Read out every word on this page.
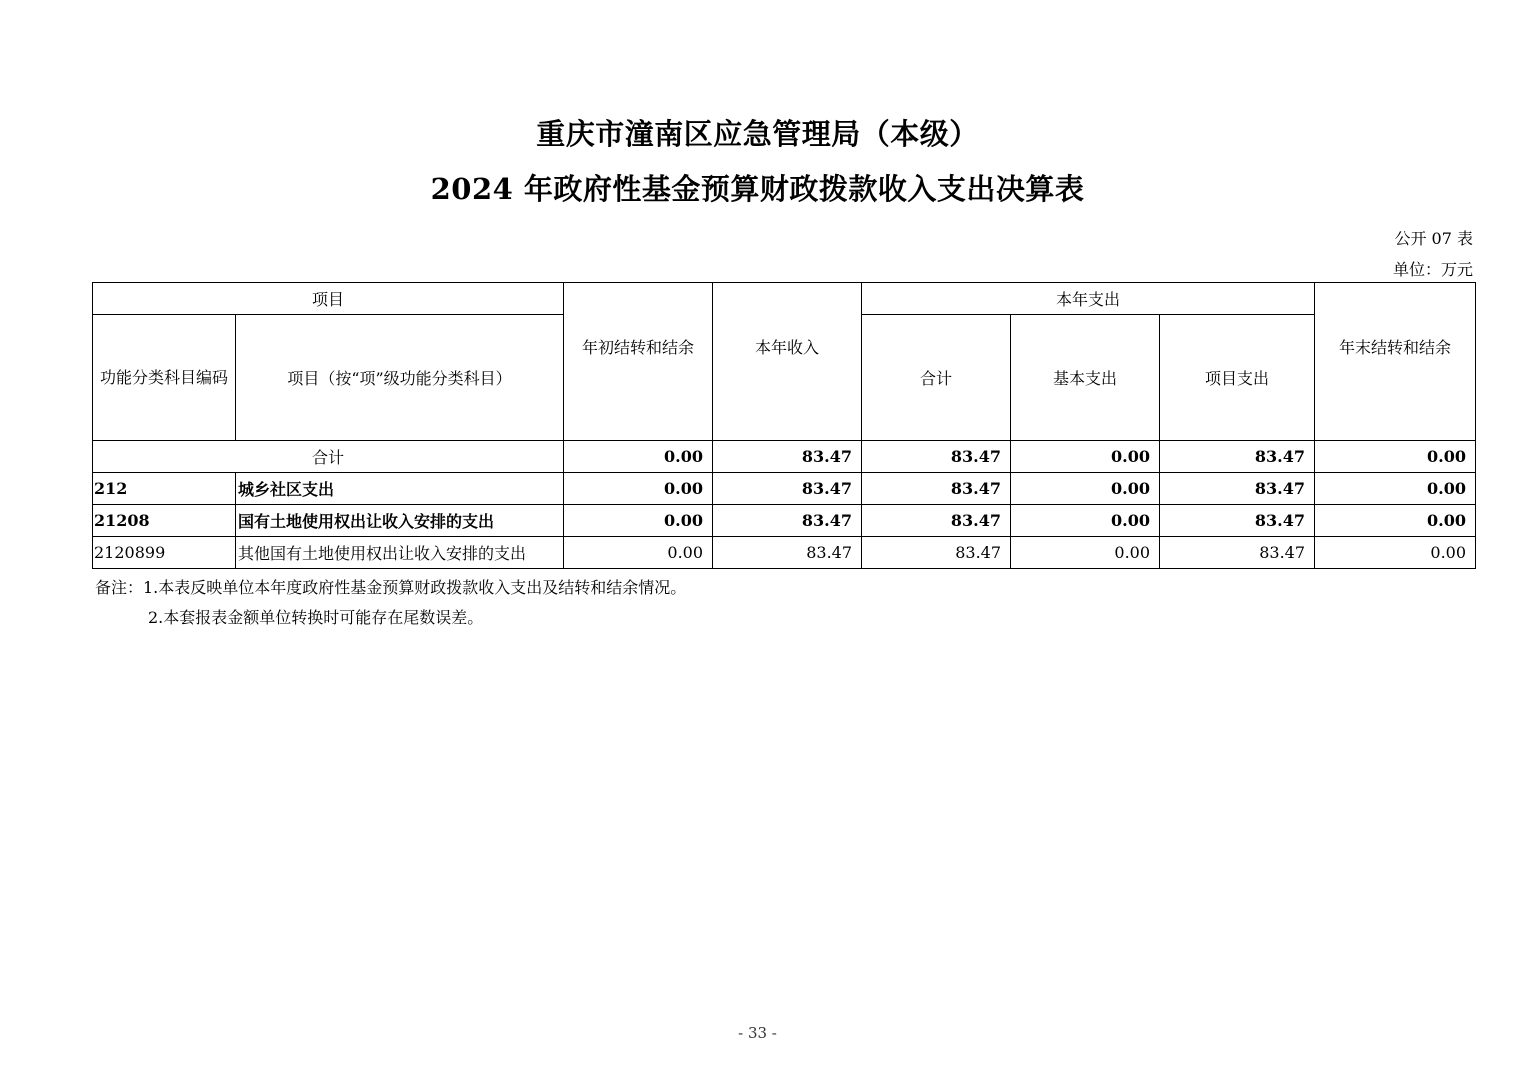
重庆市潼南区应急管理局（本级）
2024 年政府性基金预算财政拨款收入支出决算表
公开 07 表
单位：万元
项目		年初结转和结余	本年收入	本年支出			年末结转和结余
功能分类科目编码	项目（按“项”级功能分类科目）			合计	基本支出	项目支出	
合计		0.00	83.47	83.47	0.00	83.47	0.00
212	城乡社区支出	0.00	83.47	83.47	0.00	83.47	0.00
21208	国有土地使用权出让收入安排的支出	0.00	83.47	83.47	0.00	83.47	0.00
2120899	其他国有土地使用权出让收入安排的支出	0.00	83.47	83.47	0.00	83.47	0.00
备注：1.本表反映单位本年度政府性基金预算财政拨款收入支出及结转和结余情况。
2.本套报表金额单位转换时可能存在尾数误差。
- 33 -
